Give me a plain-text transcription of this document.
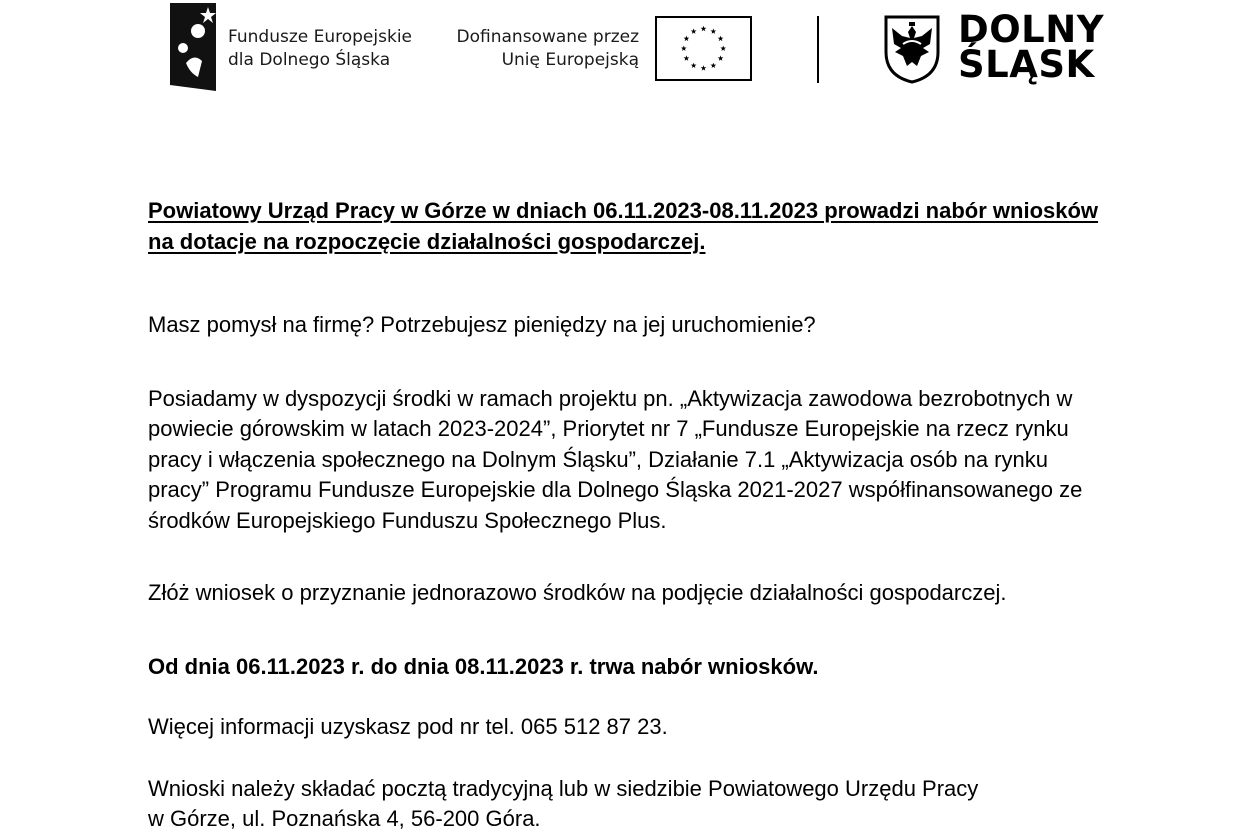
Fundusze Europejskie
dla Dolnego Śląska
Dofinansowane przez
Unię Europejską
DOLNY
ŚLĄSK

Powiatowy Urząd Pracy w Górze w dniach 06.11.2023-08.11.2023 prowadzi nabór wniosków na dotacje na rozpoczęcie działalności gospodarczej.

Masz pomysł na firmę? Potrzebujesz pieniędzy na jej uruchomienie?

Posiadamy w dyspozycji środki w ramach projektu pn. „Aktywizacja zawodowa bezrobotnych w powiecie górowskim w latach 2023-2024”, Priorytet nr 7 „Fundusze Europejskie na rzecz rynku pracy i włączenia społecznego na Dolnym Śląsku”, Działanie 7.1 „Aktywizacja osób na rynku pracy” Programu Fundusze Europejskie dla Dolnego Śląska 2021-2027 współfinansowanego ze środków Europejskiego Funduszu Społecznego Plus.

Złóż wniosek o przyznanie jednorazowo środków na podjęcie działalności gospodarczej.

Od dnia 06.11.2023 r. do dnia 08.11.2023 r. trwa nabór wniosków.

Więcej informacji uzyskasz pod nr tel. 065 512 87 23.

Wnioski należy składać pocztą tradycyjną lub w siedzibie Powiatowego Urzędu Pracy
w Górze, ul. Poznańska 4, 56-200 Góra.
